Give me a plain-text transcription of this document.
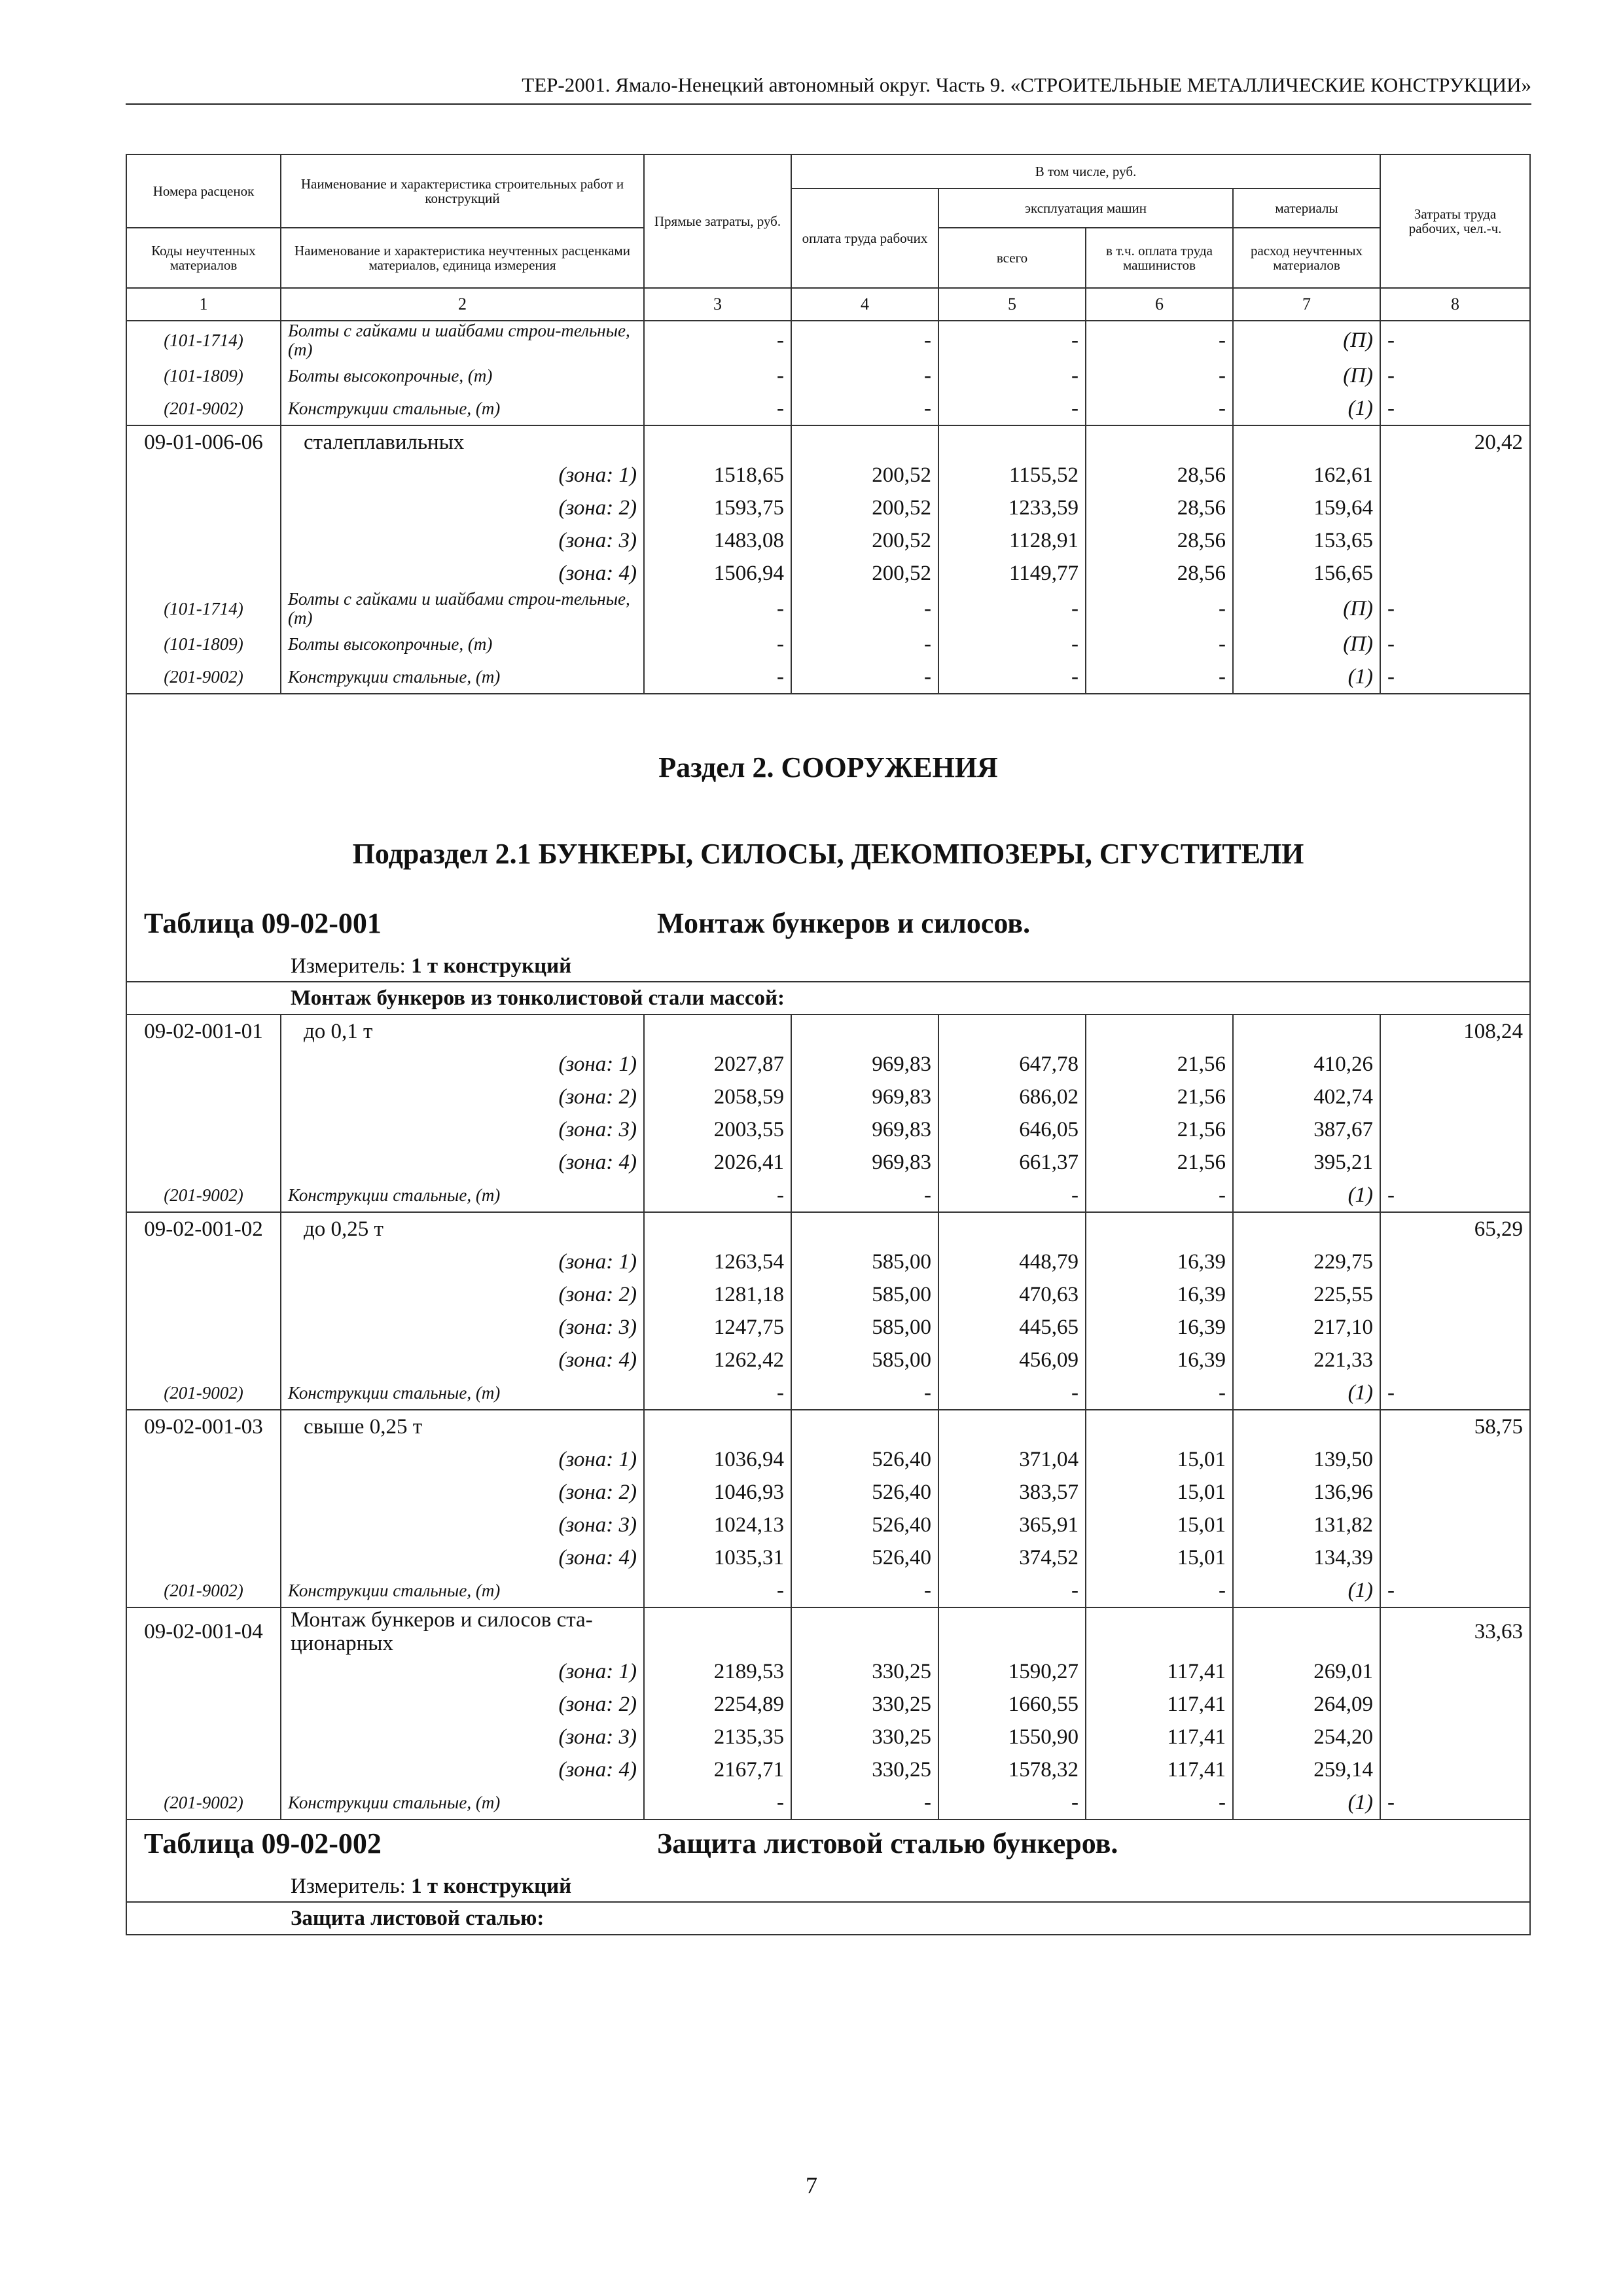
ТЕР-2001. Ямало-Ненецкий автономный округ. Часть 9. «СТРОИТЕЛЬНЫЕ МЕТАЛЛИЧЕСКИЕ КОНСТРУКЦИИ»
Номера расценок	Наименование и характеристика строительных работ и конструкций	Прямые затраты, руб.	В том числе, руб.				Затраты труда рабочих, чел.-ч.
			оплата труда рабочих	эксплуатация машин		материалы	
Коды неучтенных материалов	Наименование и характеристика неучтенных расценками материалов, единица измерения			всего	в т.ч. оплата труда машинистов	расход неучтенных материалов	
1	2	3	4	5	6	7	8
(101-1714)	Болты с гайками и шайбами строи-тельные, (т)	-	-	-	-	(П)	-
(101-1809)	Болты высокопрочные, (т)	-	-	-	-	(П)	-
(201-9002)	Конструкции стальные, (т)	-	-	-	-	(1)	-
09-01-006-06	сталеплавильных						20,42
	(зона: 1)	1518,65	200,52	1155,52	28,56	162,61	
	(зона: 2)	1593,75	200,52	1233,59	28,56	159,64	
	(зона: 3)	1483,08	200,52	1128,91	28,56	153,65	
	(зона: 4)	1506,94	200,52	1149,77	28,56	156,65	
(101-1714)	Болты с гайками и шайбами строи-тельные, (т)	-	-	-	-	(П)	-
(101-1809)	Болты высокопрочные, (т)	-	-	-	-	(П)	-
(201-9002)	Конструкции стальные, (т)	-	-	-	-	(1)	-

Раздел 2. СООРУЖЕНИЯ
Подраздел 2.1 БУНКЕРЫ, СИЛОСЫ, ДЕКОМПОЗЕРЫ, СГУСТИТЕЛИ
Таблица 09-02-001 Монтаж бункеров и силосов.
Измеритель: 1 т конструкций							

Монтаж бункеров из тонколистовой стали массой:							
09-02-001-01	до 0,1 т						108,24
	(зона: 1)	2027,87	969,83	647,78	21,56	410,26	
	(зона: 2)	2058,59	969,83	686,02	21,56	402,74	
	(зона: 3)	2003,55	969,83	646,05	21,56	387,67	
	(зона: 4)	2026,41	969,83	661,37	21,56	395,21	
(201-9002)	Конструкции стальные, (т)	-	-	-	-	(1)	-
09-02-001-02	до 0,25 т						65,29
	(зона: 1)	1263,54	585,00	448,79	16,39	229,75	
	(зона: 2)	1281,18	585,00	470,63	16,39	225,55	
	(зона: 3)	1247,75	585,00	445,65	16,39	217,10	
	(зона: 4)	1262,42	585,00	456,09	16,39	221,33	
(201-9002)	Конструкции стальные, (т)	-	-	-	-	(1)	-
09-02-001-03	свыше 0,25 т						58,75
	(зона: 1)	1036,94	526,40	371,04	15,01	139,50	
	(зона: 2)	1046,93	526,40	383,57	15,01	136,96	
	(зона: 3)	1024,13	526,40	365,91	15,01	131,82	
	(зона: 4)	1035,31	526,40	374,52	15,01	134,39	
(201-9002)	Конструкции стальные, (т)	-	-	-	-	(1)	-
09-02-001-04	Монтаж бункеров и силосов ста-ционарных						33,63
	(зона: 1)	2189,53	330,25	1590,27	117,41	269,01	
	(зона: 2)	2254,89	330,25	1660,55	117,41	264,09	
	(зона: 3)	2135,35	330,25	1550,90	117,41	254,20	
	(зона: 4)	2167,71	330,25	1578,32	117,41	259,14	
(201-9002)	Конструкции стальные, (т)	-	-	-	-	(1)	-

Таблица 09-02-002 Защита листовой сталью бункеров.
Измеритель: 1 т конструкций							

Защита листовой сталью:							
7
